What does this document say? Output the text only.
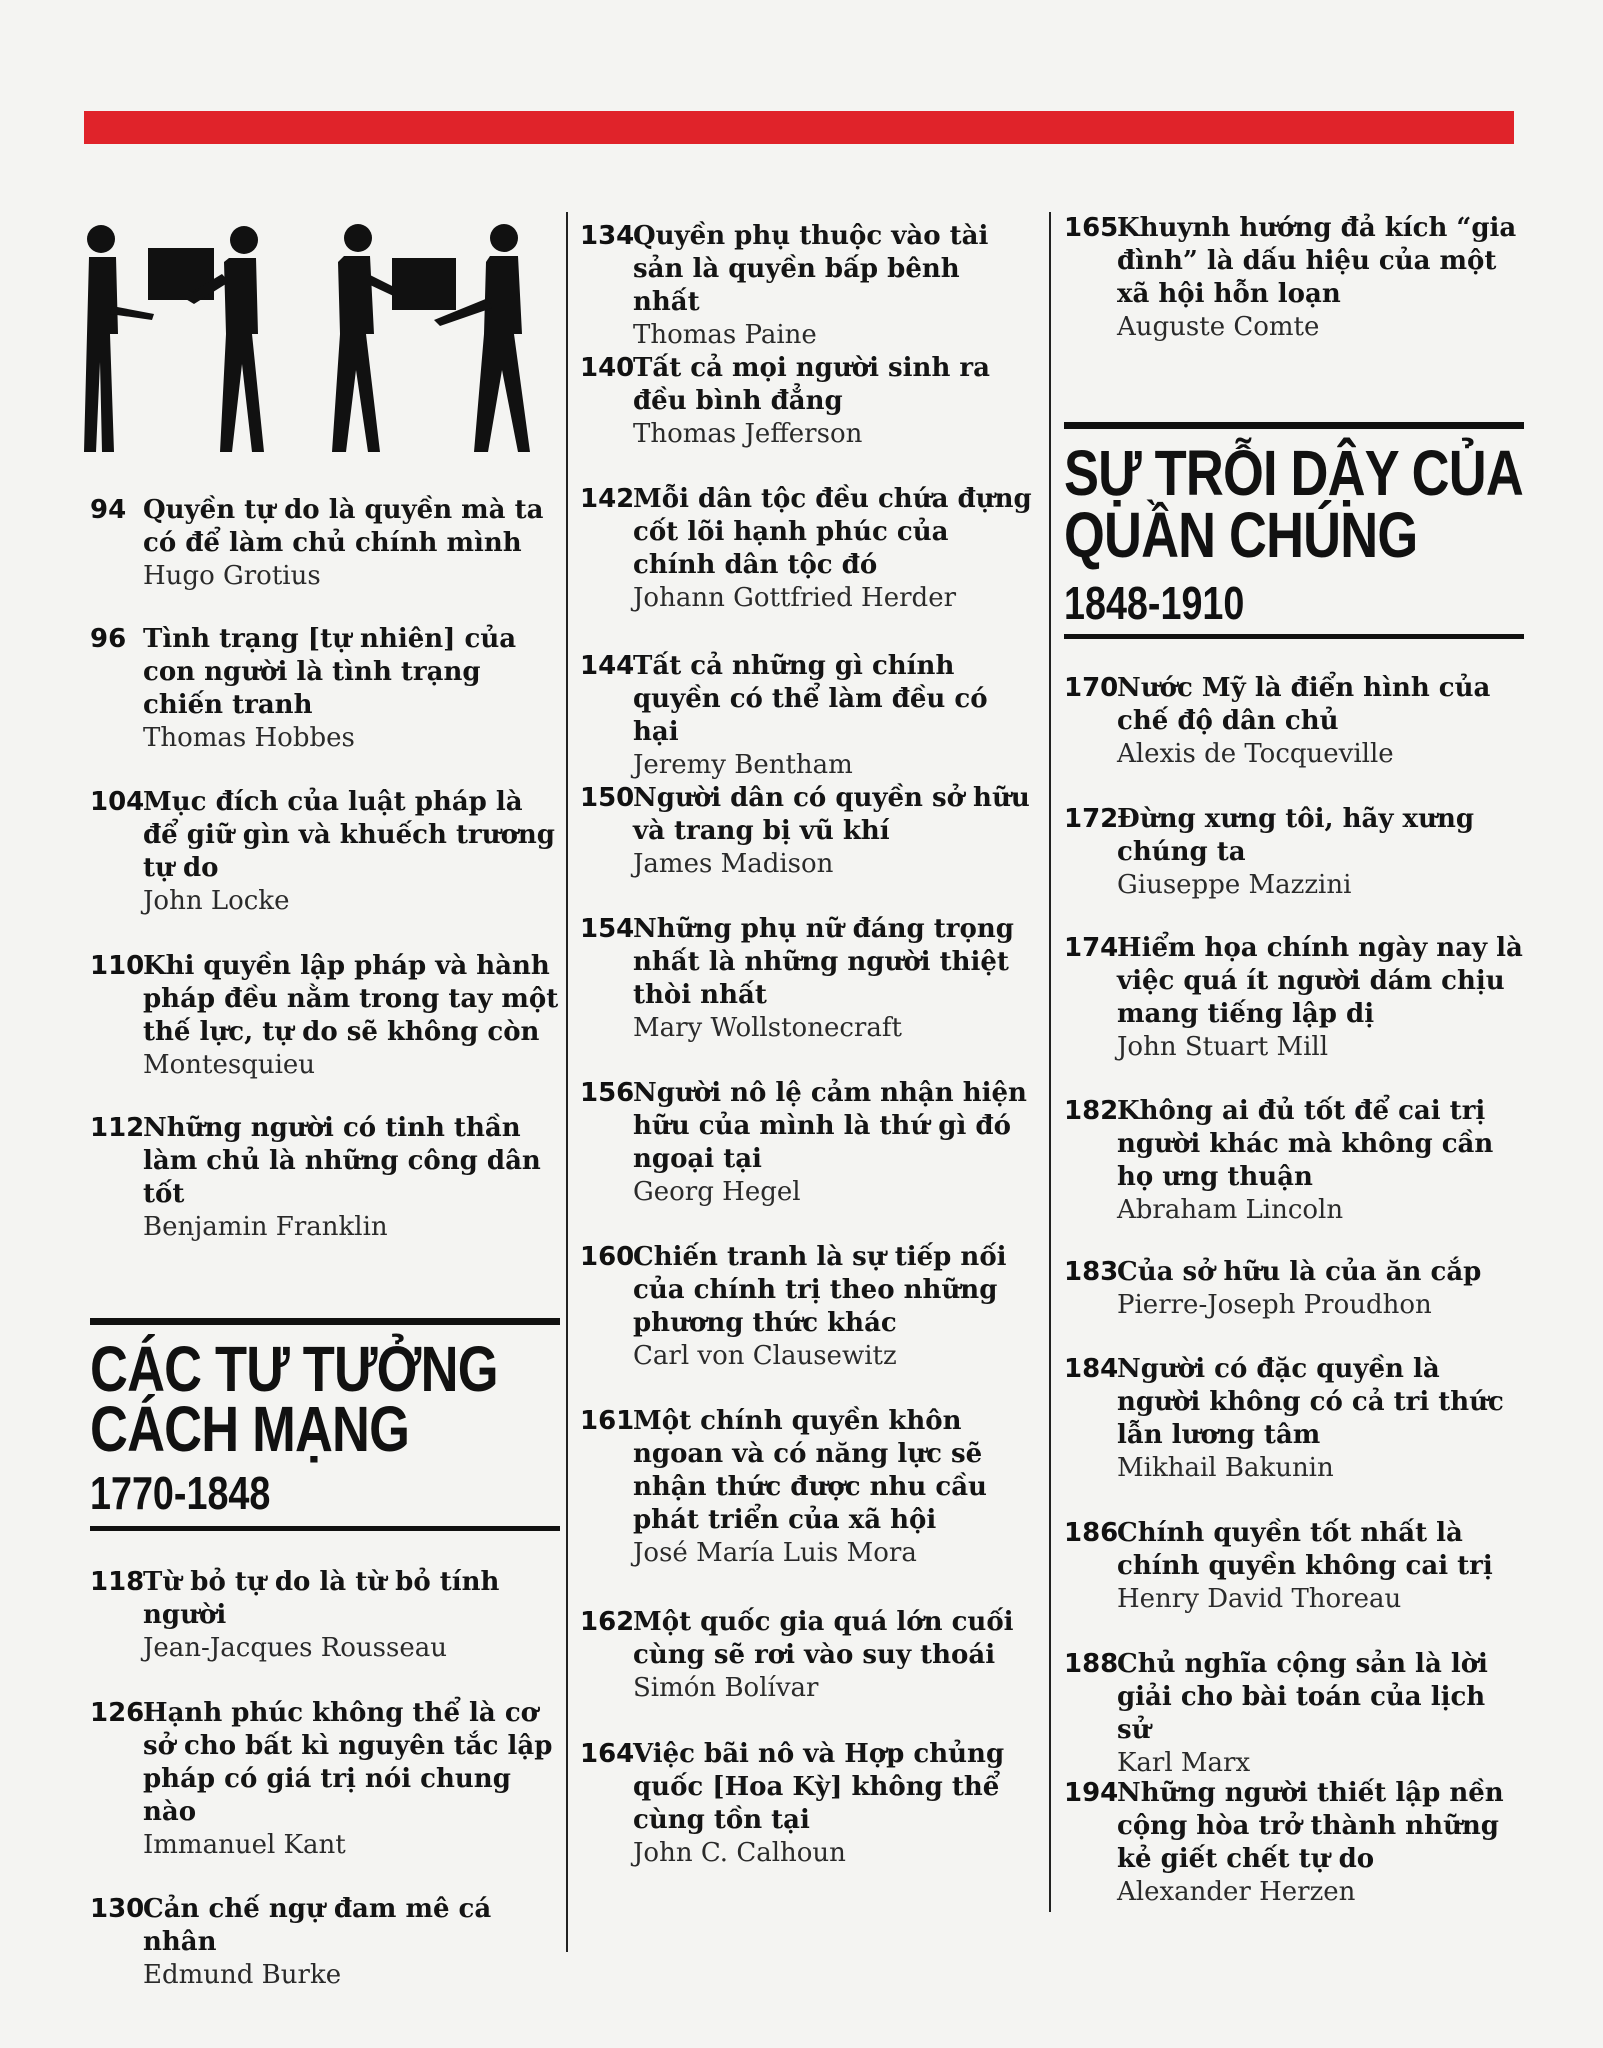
94 Quyền tự do là quyền mà ta có để làm chủ chính mình
Hugo Grotius
96 Tình trạng [tự nhiên] của con người là tình trạng chiến tranh
Thomas Hobbes
104
Mục đích của luật pháp là để giữ gìn và khuếch trương tự do
John Locke
110
Khi quyền lập pháp và hành pháp đều nằm trong tay một thế lực, tự do sẽ không còn
Montesquieu
112
Những người có tinh thần làm chủ là những công dân tốt
Benjamin Franklin
CÁC TƯ TƯỞNG
CÁCH MẠNG
1770-1848
118
Từ bỏ tự do là từ bỏ tính người
Jean-Jacques Rousseau
126
Hạnh phúc không thể là cơ sở cho bất kì nguyên tắc lập pháp có giá trị nói chung nào
Immanuel Kant
130
Cản chế ngự đam mê cá nhân
Edmund Burke
134
Quyền phụ thuộc vào tài sản là quyền bấp bênh nhất
Thomas Paine
140
Tất cả mọi người sinh ra đều bình đẳng
Thomas Jefferson
142
Mỗi dân tộc đều chứa đựng cốt lõi hạnh phúc của chính dân tộc đó
Johann Gottfried Herder
144
Tất cả những gì chính quyền có thể làm đều có hại
Jeremy Bentham
150
Người dân có quyền sở hữu và trang bị vũ khí
James Madison
154
Những phụ nữ đáng trọng nhất là những người thiệt thòi nhất
Mary Wollstonecraft
156
Người nô lệ cảm nhận hiện hữu của mình là thứ gì đó ngoại tại
Georg Hegel
160
Chiến tranh là sự tiếp nối của chính trị theo những phương thức khác
Carl von Clausewitz
161
Một chính quyền khôn ngoan và có năng lực sẽ nhận thức được nhu cầu phát triển của xã hội
José María Luis Mora
162
Một quốc gia quá lớn cuối cùng sẽ rơi vào suy thoái
Simón Bolívar
164
Việc bãi nô và Hợp chủng quốc [Hoa Kỳ] không thể cùng tồn tại
John C. Calhoun
165
Khuynh hướng đả kích “gia đình” là dấu hiệu của một xã hội hỗn loạn
Auguste Comte
SỰ TRỖI DẬY CỦA
QUẦN CHÚNG
1848-1910
170
Nước Mỹ là điển hình của chế độ dân chủ
Alexis de Tocqueville
172
Đừng xưng tôi, hãy xưng chúng ta
Giuseppe Mazzini
174
Hiểm họa chính ngày nay là việc quá ít người dám chịu mang tiếng lập dị
John Stuart Mill
182
Không ai đủ tốt để cai trị người khác mà không cần họ ưng thuận
Abraham Lincoln
183
Của sở hữu là của ăn cắp
Pierre-Joseph Proudhon
184
Người có đặc quyền là người không có cả tri thức lẫn lương tâm
Mikhail Bakunin
186
Chính quyền tốt nhất là chính quyền không cai trị
Henry David Thoreau
188
Chủ nghĩa cộng sản là lời giải cho bài toán của lịch sử
Karl Marx
194
Những người thiết lập nền cộng hòa trở thành những kẻ giết chết tự do
Alexander Herzen
